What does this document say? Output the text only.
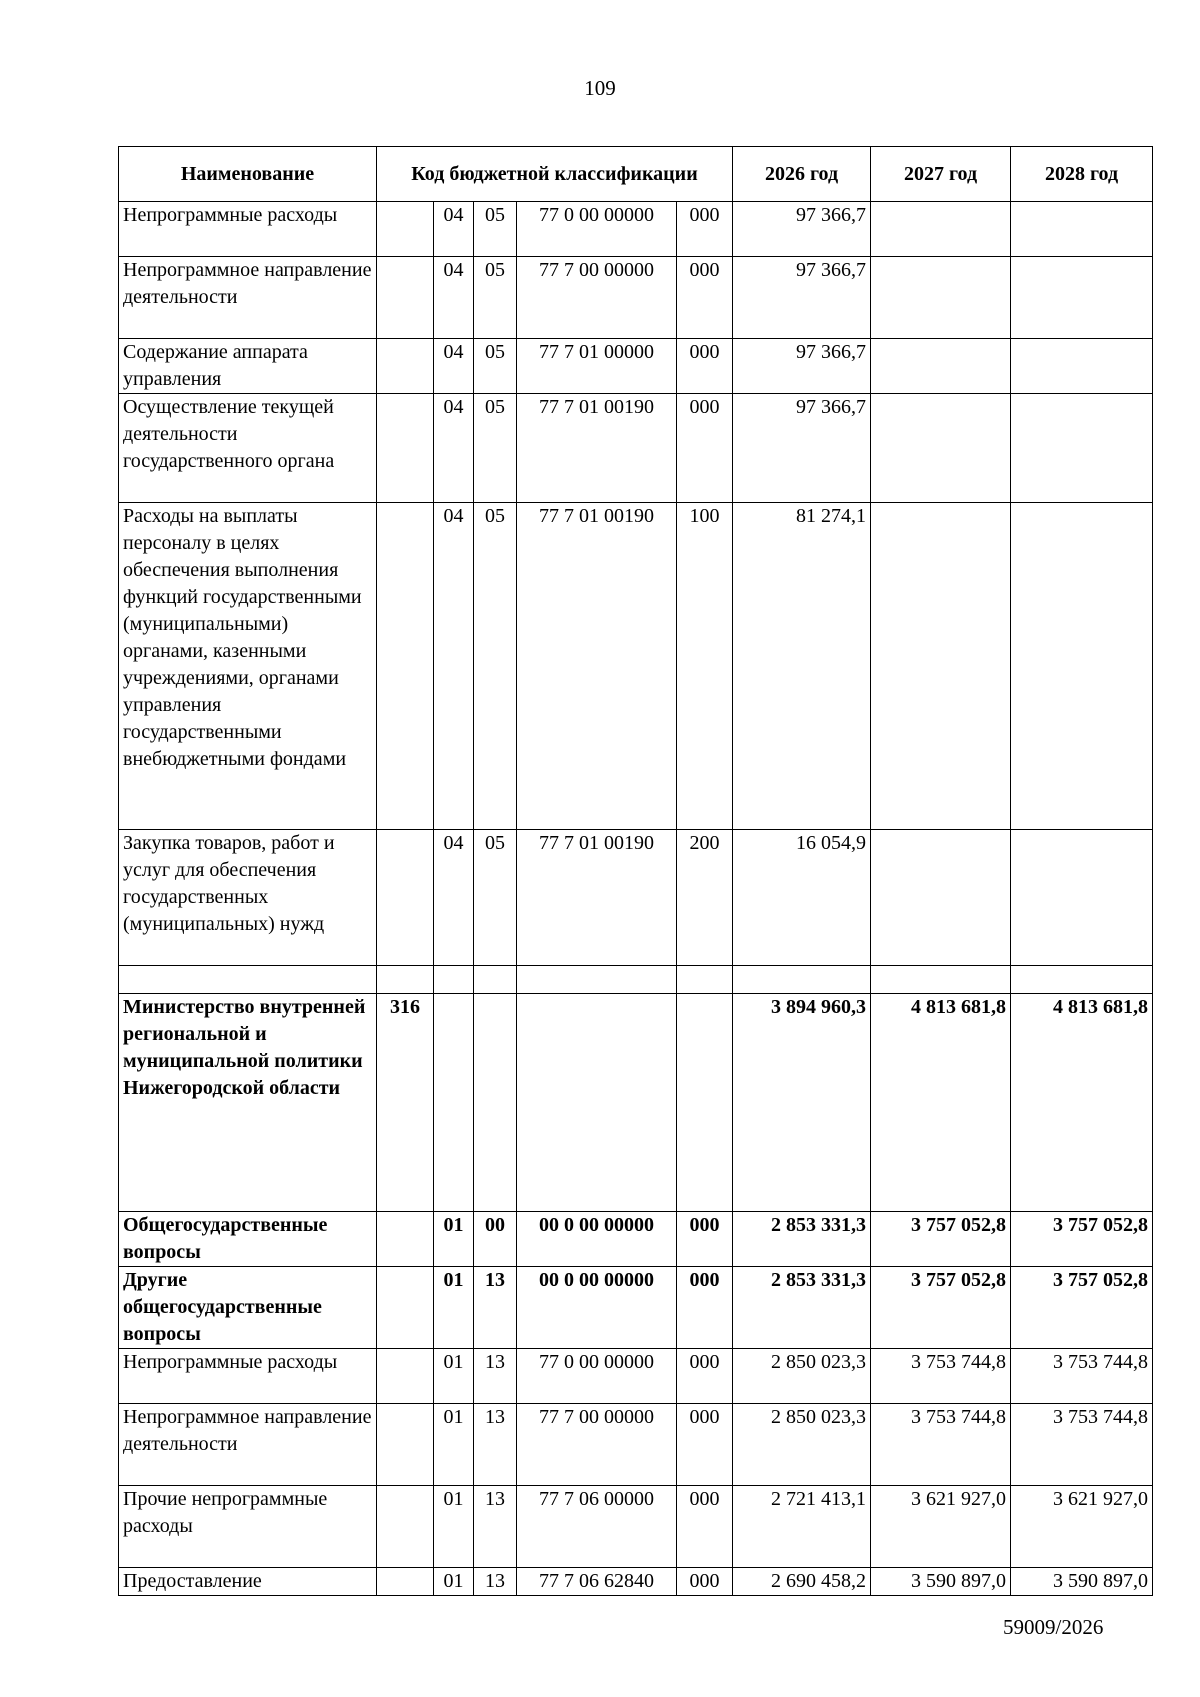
109
Наименование	Код бюджетной классификации					2026 год	2027 год	2028 год
Непрограммные расходы		04	05	77 0 00 00000	000	97 366,7		
Непрограммное направление деятельности		04	05	77 7 00 00000	000	97 366,7		
Содержание аппарата управления		04	05	77 7 01 00000	000	97 366,7		
Осуществление текущей деятельности государственного органа		04	05	77 7 01 00190	000	97 366,7		
Расходы на выплаты персоналу в целях обеспечения выполнения функций государственными (муниципальными) органами, казенными учреждениями, органами управления государственными внебюджетными фондами		04	05	77 7 01 00190	100	81 274,1		
Закупка товаров, работ и услуг для обеспечения государственных (муниципальных) нужд		04	05	77 7 01 00190	200	16 054,9		

Министерство внутренней региональной и муниципальной политики Нижегородской области	316					3 894 960,3	4 813 681,8	4 813 681,8
Общегосударственные вопросы		01	00	00 0 00 00000	000	2 853 331,3	3 757 052,8	3 757 052,8
Другие общегосударственные вопросы		01	13	00 0 00 00000	000	2 853 331,3	3 757 052,8	3 757 052,8
Непрограммные расходы		01	13	77 0 00 00000	000	2 850 023,3	3 753 744,8	3 753 744,8
Непрограммное направление деятельности		01	13	77 7 00 00000	000	2 850 023,3	3 753 744,8	3 753 744,8
Прочие непрограммные расходы		01	13	77 7 06 00000	000	2 721 413,1	3 621 927,0	3 621 927,0
Предоставление		01	13	77 7 06 62840	000	2 690 458,2	3 590 897,0	3 590 897,0
59009/2026
